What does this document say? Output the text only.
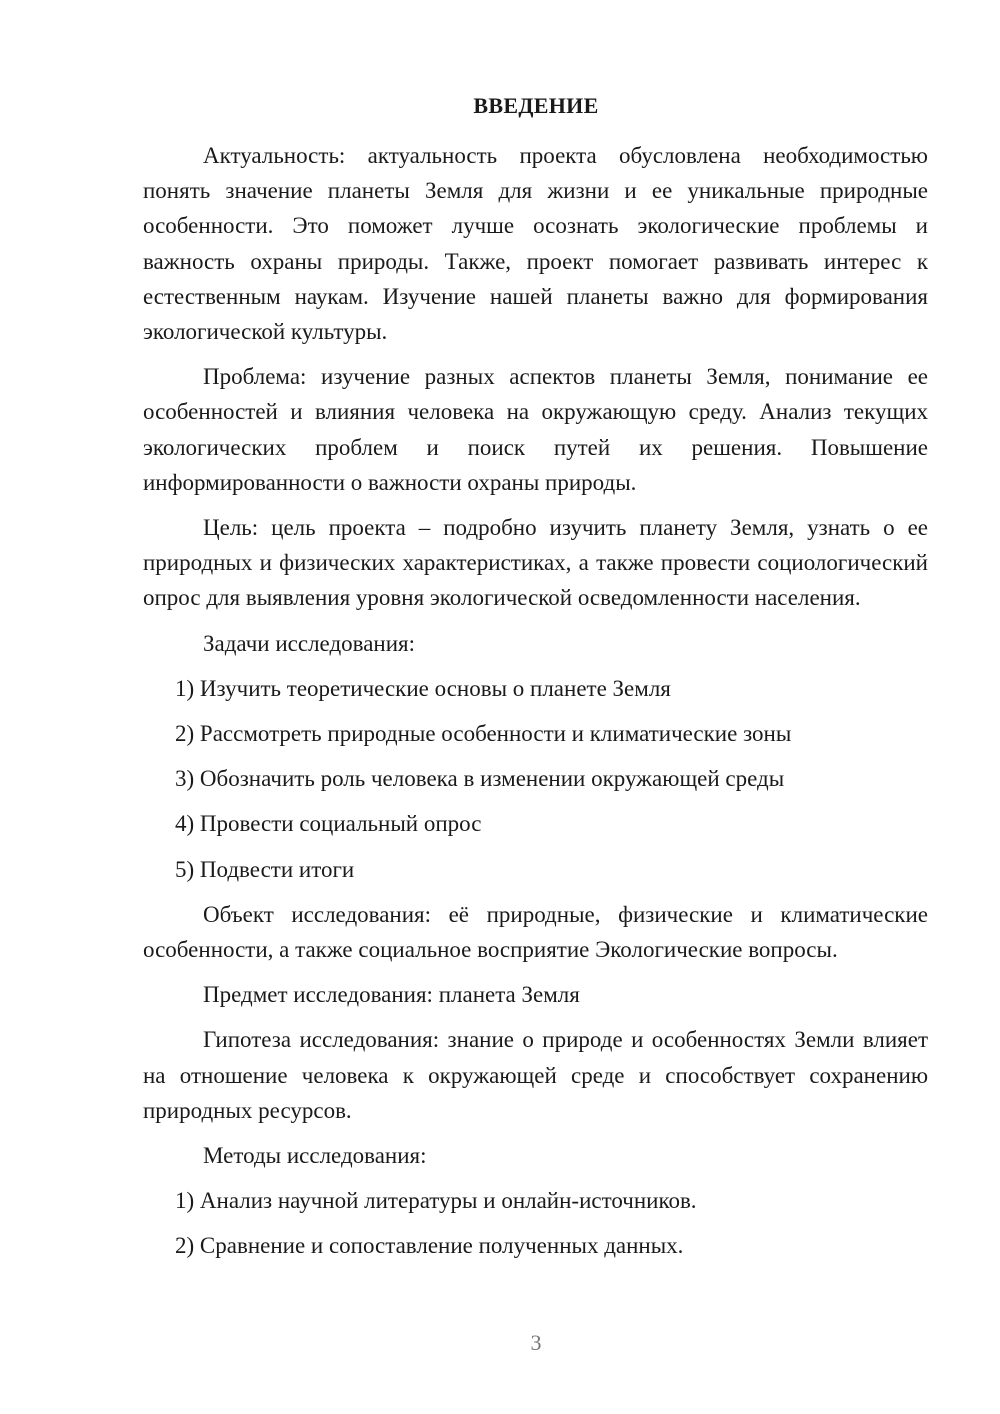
ВВЕДЕНИЕ

Актуальность: актуальность проекта обусловлена необходимостью понять значение планеты Земля для жизни и ее уникальные природные особенности. Это поможет лучше осознать экологические проблемы и важность охраны природы. Также, проект помогает развивать интерес к естественным наукам. Изучение нашей планеты важно для формирования экологической культуры.

Проблема: изучение разных аспектов планеты Земля, понимание ее особенностей и влияния человека на окружающую среду. Анализ текущих экологических проблем и поиск путей их решения. Повышение информированности о важности охраны природы.

Цель: цель проекта – подробно изучить планету Земля, узнать о ее природных и физических характеристиках, а также провести социологический опрос для выявления уровня экологической осведомленности населения.

Задачи исследования:

1) Изучить теоретические основы о планете Земля

2) Рассмотреть природные особенности и климатические зоны

3) Обозначить роль человека в изменении окружающей среды

4) Провести социальный опрос

5) Подвести итоги

Объект исследования: её природные, физические и климатические особенности, а также социальное восприятие Экологические вопросы.

Предмет исследования: планета Земля

Гипотеза исследования: знание о природе и особенностях Земли влияет на отношение человека к окружающей среде и способствует сохранению природных ресурсов.

Методы исследования:

1) Анализ научной литературы и онлайн-источников.

2) Сравнение и сопоставление полученных данных.

3
